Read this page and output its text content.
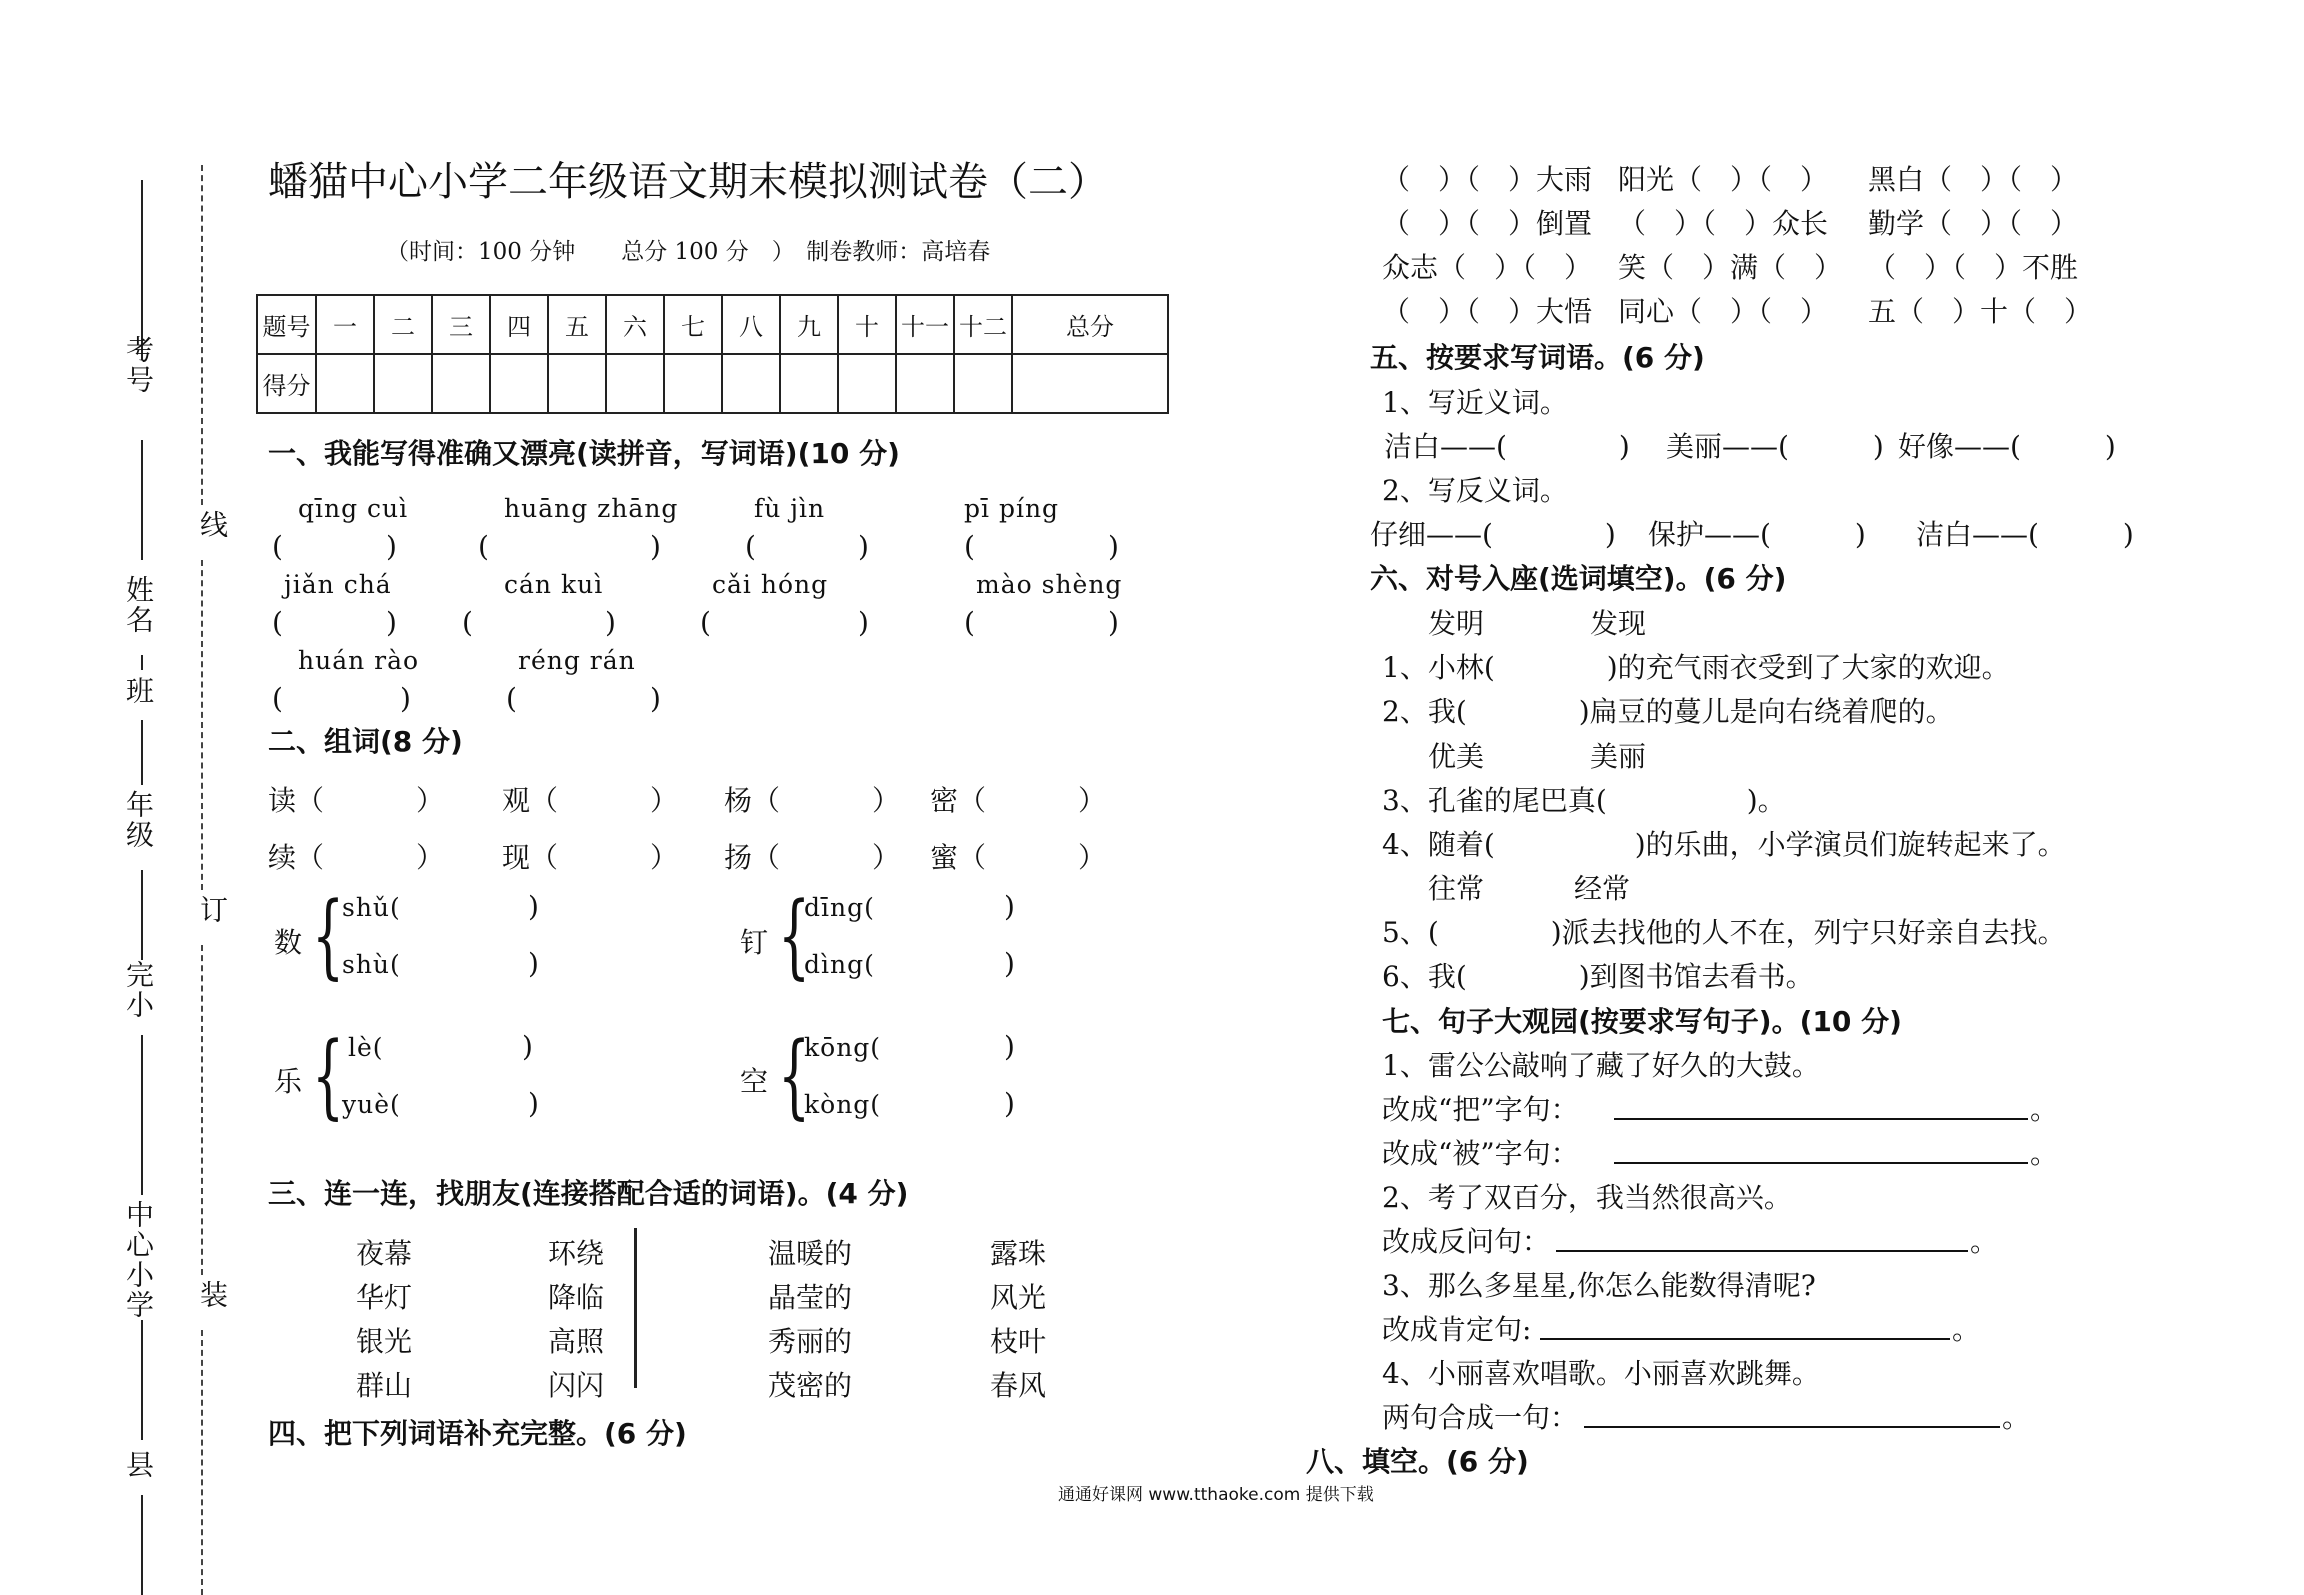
考号
姓名
班
年级
完小
中心小学
县
线
订
装
蟠猫中心小学二年级语文期末模拟测试卷（二）
（时间：100 分钟　　总分 100 分　）　制卷教师：高培春
题号	一	二	三	四	五	六	七	八	九	十	十一	十二	总分
得分													
一、我能写得准确又漂亮(读拼音，写词语)(10 分)
qīng cuì	huāng zhāng	fù jìn	pī píng
(	)	(	)	(	)	(	)
jiǎn chá	cán kuì	cǎi hóng	mào shèng
(	) (	)	(	)	(	)
huán rào	réng rán
(	)	(	)
二、组词(8 分)
读（	） 观（	） 杨（	） 密（	）
续（	） 现（	） 扬（	） 蜜（	）
数 {
shǔ(	)
shù(	)
钉 {
dīng(	)
dìng(	)
乐 { lè(	)
yuè(	)
空 {
kōng(	)
kòng(	)
三、连一连，找朋友(连接搭配合适的词语)。(4 分)
夜幕
华灯
银光
群山
环绕
降临
高照
闪闪
温暖的
晶莹的
秀丽的
茂密的
露珠
风光
枝叶
春风
四、把下列词语补充完整。(6 分)
（　）（　）大雨 阳光（　）（　） 黑白（　）（　）
（　）（　）倒置 （　）（　）众长 勤学（　）（　）
众志（　）（　） 笑（　）满（　） （　）（　）不胜
（　）（　）大悟 同心（　）（　） 五（　）十（　）
五、按要求写词语。(6 分)
1、写近义词。
洁白——(　　　　) 美丽——(　　　) 好像——(　　　)
2、写反义词。
仔细——(　　　　) 保护——(　　　) 洁白——(　　　)
六、对号入座(选词填空)。(6 分)
发明	发现
1、小林(　　　　)的充气雨衣受到了大家的欢迎。
2、我(　　　　)扁豆的蔓儿是向右绕着爬的。
优美	美丽
3、孔雀的尾巴真(　　　　　)。
4、随着(　　　　　)的乐曲，小学演员们旋转起来了。
往常	经常
5、(　　　　)派去找他的人不在，列宁只好亲自去找。
6、我(　　　　)到图书馆去看书。
七、句子大观园(按要求写句子)。(10 分)
1、雷公公敲响了藏了好久的大鼓。
改成“把”字句：	。
改成“被”字句：	。
2、考了双百分，我当然很高兴。
改成反问句：	。
3、那么多星星,你怎么能数得清呢?
改成肯定句:	。
4、小丽喜欢唱歌。小丽喜欢跳舞。
两句合成一句：	。
八、填空。(6 分)
通通好课网 www.tthaoke.com 提供下载
